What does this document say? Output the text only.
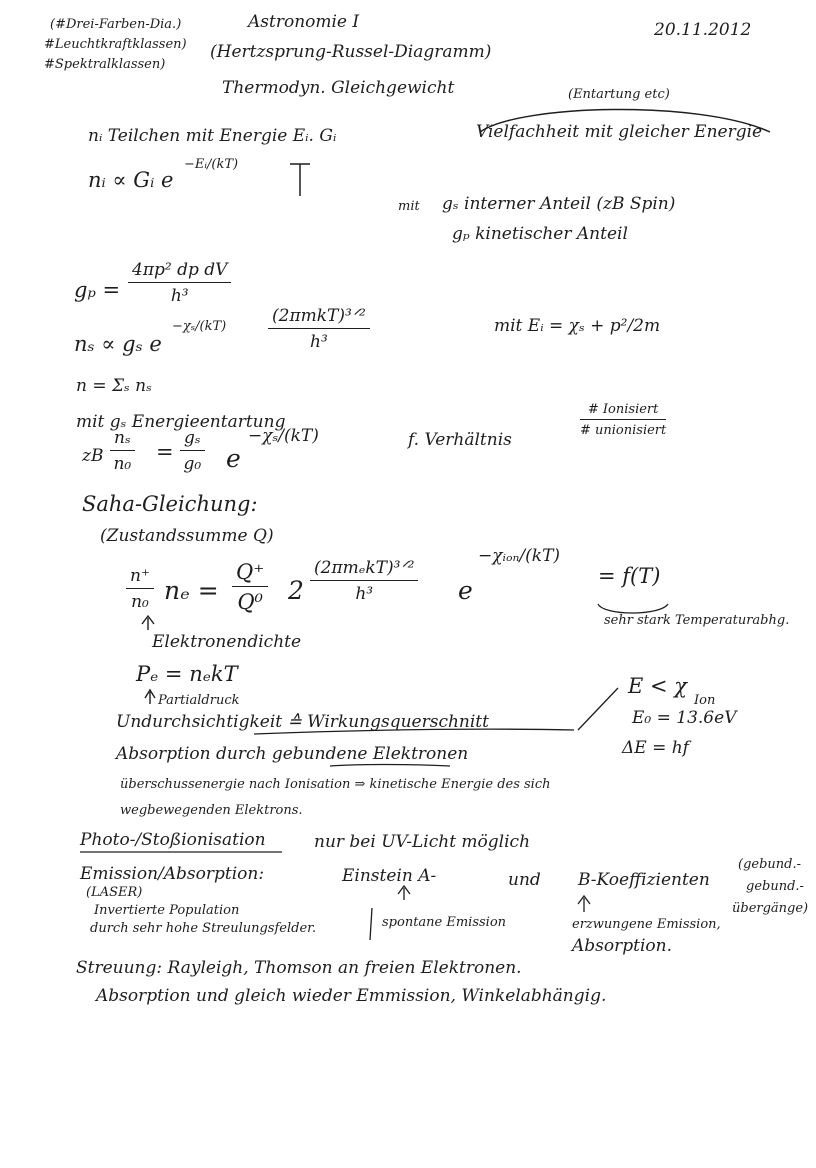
(#Drei-Farben-Dia.)
#Leuchtkraftklassen)
#Spektralklassen)
Astronomie I	20.11.2012
(Hertzsprung-Russel-Diagramm)
Thermodyn. Gleichgewicht	(Entartung etc)
nᵢ Teilchen mit Energie Eᵢ. Gᵢ	Vielfachheit mit gleicher Energie
nᵢ ∝ Gᵢ e
−Eᵢ/(kT)
mit gₛ interner Anteil (zB Spin)
gₚ kinetischer Anteil
$g_p = \frac{\text{4πp² dp dV}}{\text{h³}}$
nₛ ∝ gₛ e
−χₛ/(kT)
(2πmkT)³ᐟ²
h³
mit Eᵢ = χₛ + p²/2m
n = Σₛ nₛ
mit gₛ Energieentartung
zB $\frac{\text{nₛ}}{\text{n₀}} = \frac{\text{gₛ}}{\text{g₀}}$ e
−χₛ/(kT)	f. Verhältnis
# Ionisiert
# unionisiert
Saha-Gleichung:
(Zustandssumme Q)
$\frac{n^+}{\text{n₀}}$ $n_e = \frac{Q^+}{\text{Q⁰}} 2$
(2πmₑkT)³ᐟ²
h³	e
−χᵢₒₙ/(kT)
= f(T)
sehr stark Temperaturabhg.
Elektronendichte
Pₑ = nₑkT
Partialdruck
E < χ
Ion
E₀ = 13.6eV
Undurchsichtigkeit ≙ Wirkungsquerschnitt
Absorption durch gebundene Elektronen	ΔE = hf
überschussenergie nach Ionisation ⇒ kinetische Energie des sich
wegbewegenden Elektrons.
Photo-/Stoßionisation	nur bei UV-Licht möglich
Emission/Absorption:	Einstein A-	und B-Koeffizienten
(gebund.-
gebund.-
übergänge)
(LASER)
Invertierte Population
durch sehr hohe Streulungsfelder.	spontane Emission	erzwungene Emission,
Absorption.
Streuung: Rayleigh, Thomson an freien Elektronen.
Absorption und gleich wieder Emmission, Winkelabhängig.
